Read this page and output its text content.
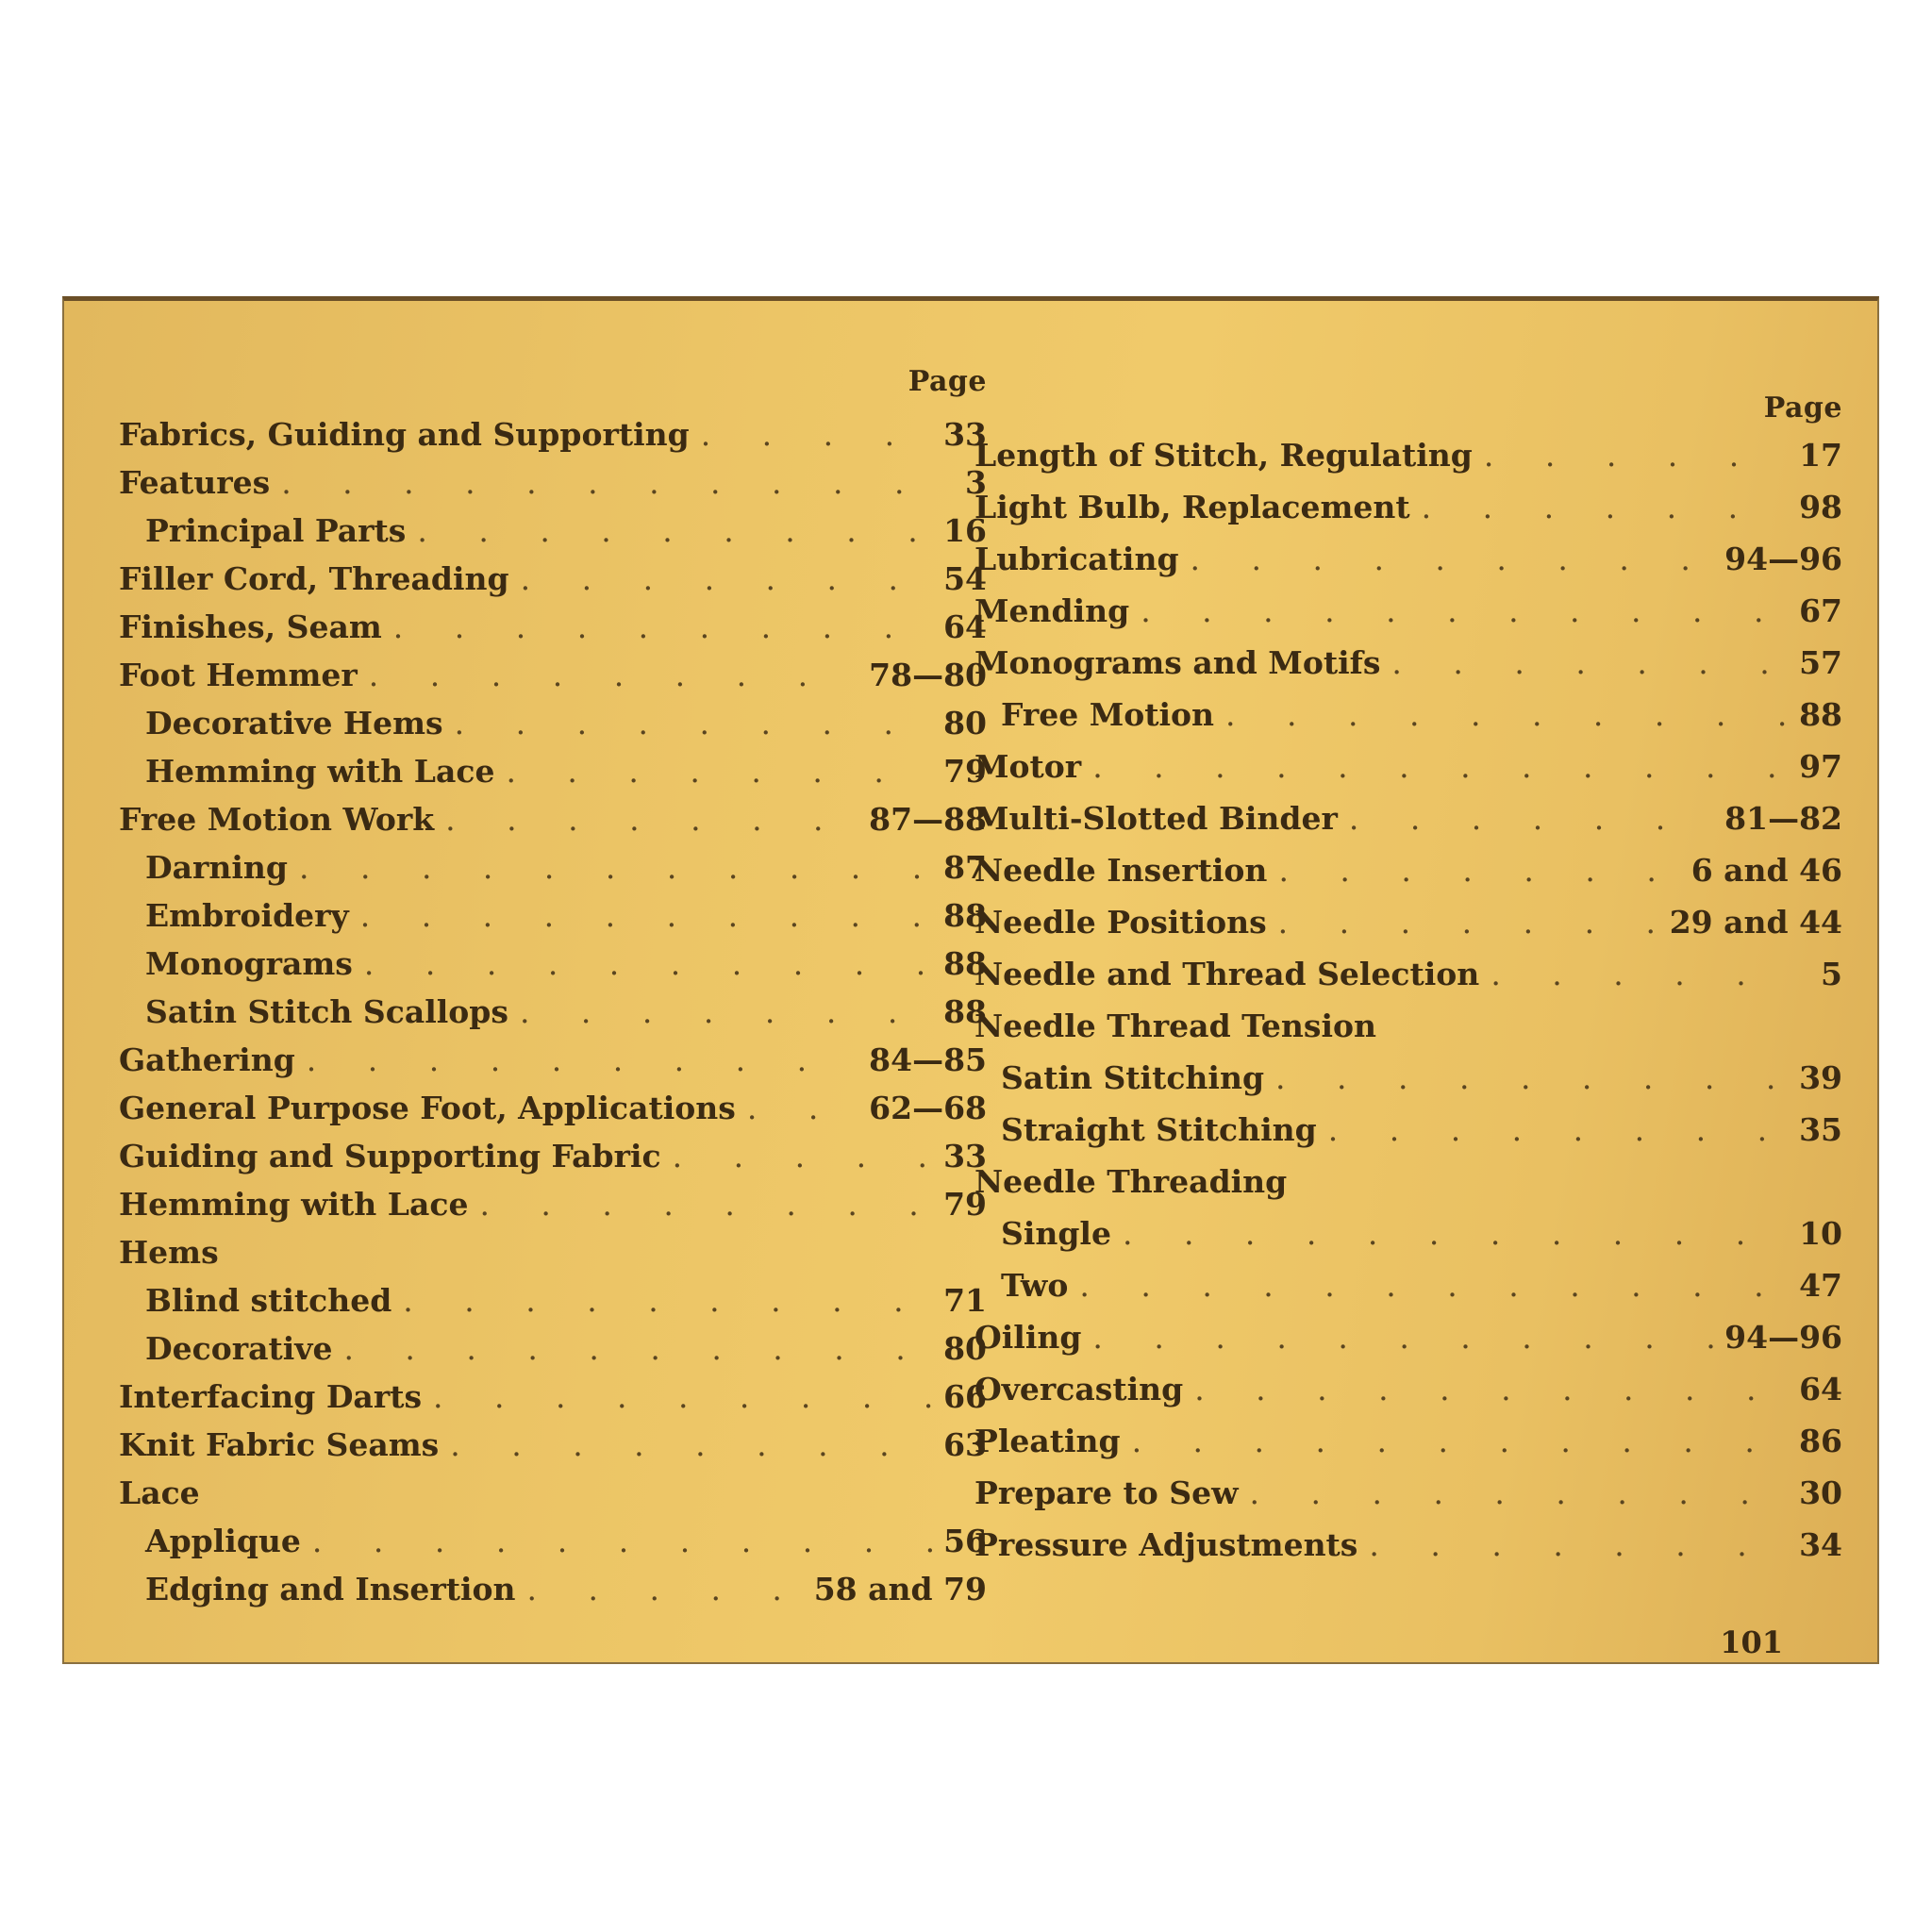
Page
Fabrics, Guiding and Supporting . . .	33
Features . . .	3
Principal Parts . . .	16
Filler Cord, Threading . . .	54
Finishes, Seam . . .	64
Foot Hemmer . . .	78—80
Decorative Hems . . .	80
Hemming with Lace . . .	79
Free Motion Work . . .	87—88
Darning . . .	87
Embroidery . . .	88
Monograms . . .	88
Satin Stitch Scallops . . .	88
Gathering . . .	84—85
General Purpose Foot, Applications . . .	62—68
Guiding and Supporting Fabric . . .	33
Hemming with Lace . . .	79
Hems
Blind stitched . . .	71
Decorative . . .	80
Interfacing Darts . . .	66
Knit Fabric Seams . . .	63
Lace
Applique . . .	56
Edging and Insertion . . .	58 and 79
Page
Length of Stitch, Regulating . . .	17
Light Bulb, Replacement . . .	98
Lubricating . . .	94—96
Mending . . .	67
Monograms and Motifs . . .	57
Free Motion . . .	88
Motor . . .	97
Multi-Slotted Binder . . .	81—82
Needle Insertion . . .	6 and 46
Needle Positions . . .	29 and 44
Needle and Thread Selection . . .	5
Needle Thread Tension
Satin Stitching . . .	39
Straight Stitching . . .	35
Needle Threading
Single . . .	10
Two . . .	47
Oiling . . .	94—96
Overcasting . . .	64
Pleating . . .	86
Prepare to Sew . . .	30
Pressure Adjustments . . .	34
101
